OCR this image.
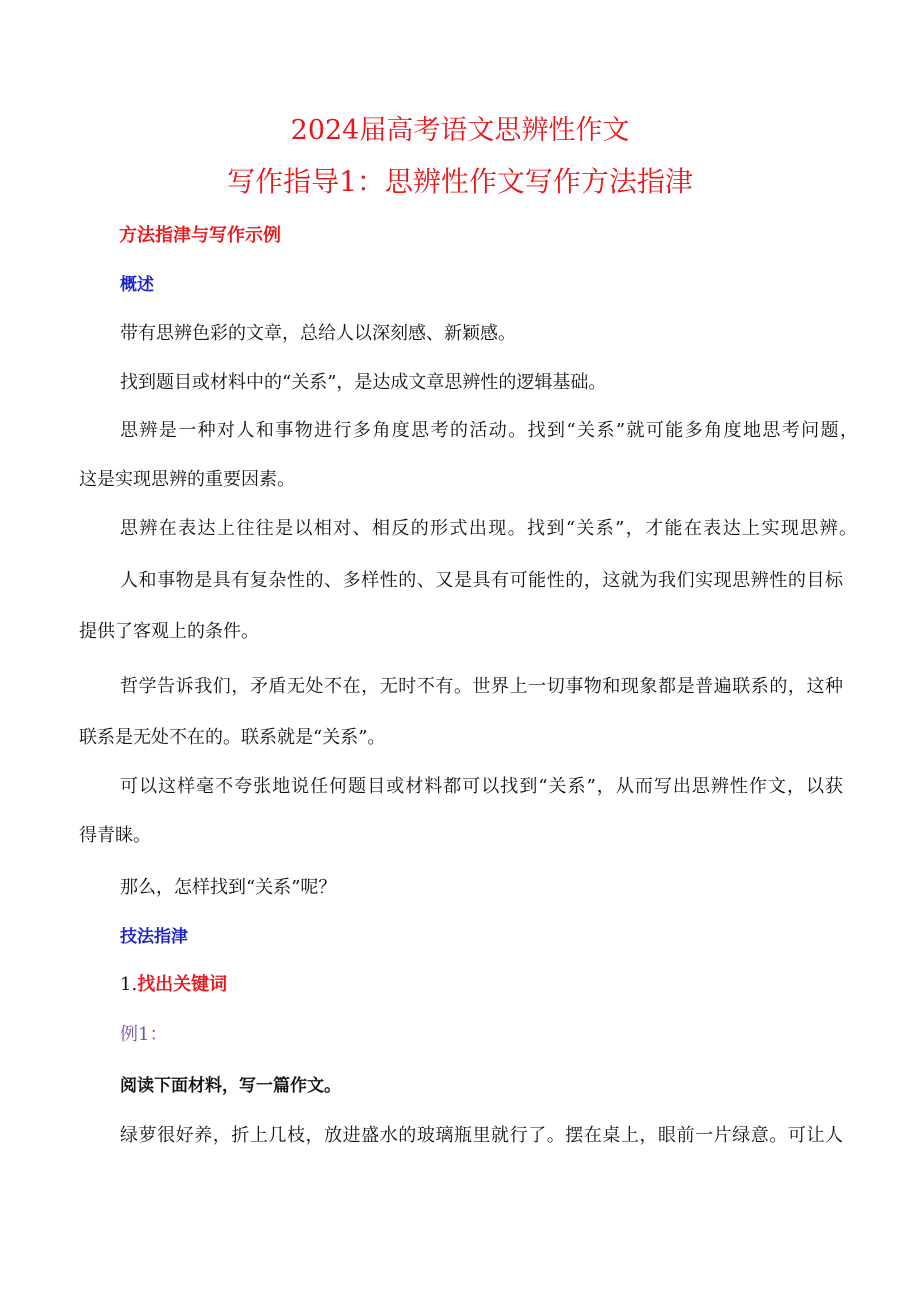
2024届高考语文思辨性作文
写作指导1：思辨性作文写作方法指津
方法指津与写作示例
概述
带有思辨色彩的文章，总给人以深刻感、新颖感。
找到题目或材料中的“关系”，是达成文章思辨性的逻辑基础。
思辨是一种对人和事物进行多角度思考的活动。找到“关系”就可能多角度地思考问题，
这是实现思辨的重要因素。
思辨在表达上往往是以相对、相反的形式出现。找到“关系”，才能在表达上实现思辨。
人和事物是具有复杂性的、多样性的、又是具有可能性的，这就为我们实现思辨性的目标
提供了客观上的条件。
哲学告诉我们，矛盾无处不在，无时不有。世界上一切事物和现象都是普遍联系的，这种
联系是无处不在的。联系就是“关系”。
可以这样毫不夸张地说任何题目或材料都可以找到“关系”，从而写出思辨性作文，以获
得青睐。
那么，怎样找到“关系”呢？
技法指津
1.找出关键词
例1：
阅读下面材料，写一篇作文。
绿萝很好养，折上几枝，放进盛水的玻璃瓶里就行了。摆在桌上，眼前一片绿意。可让人
